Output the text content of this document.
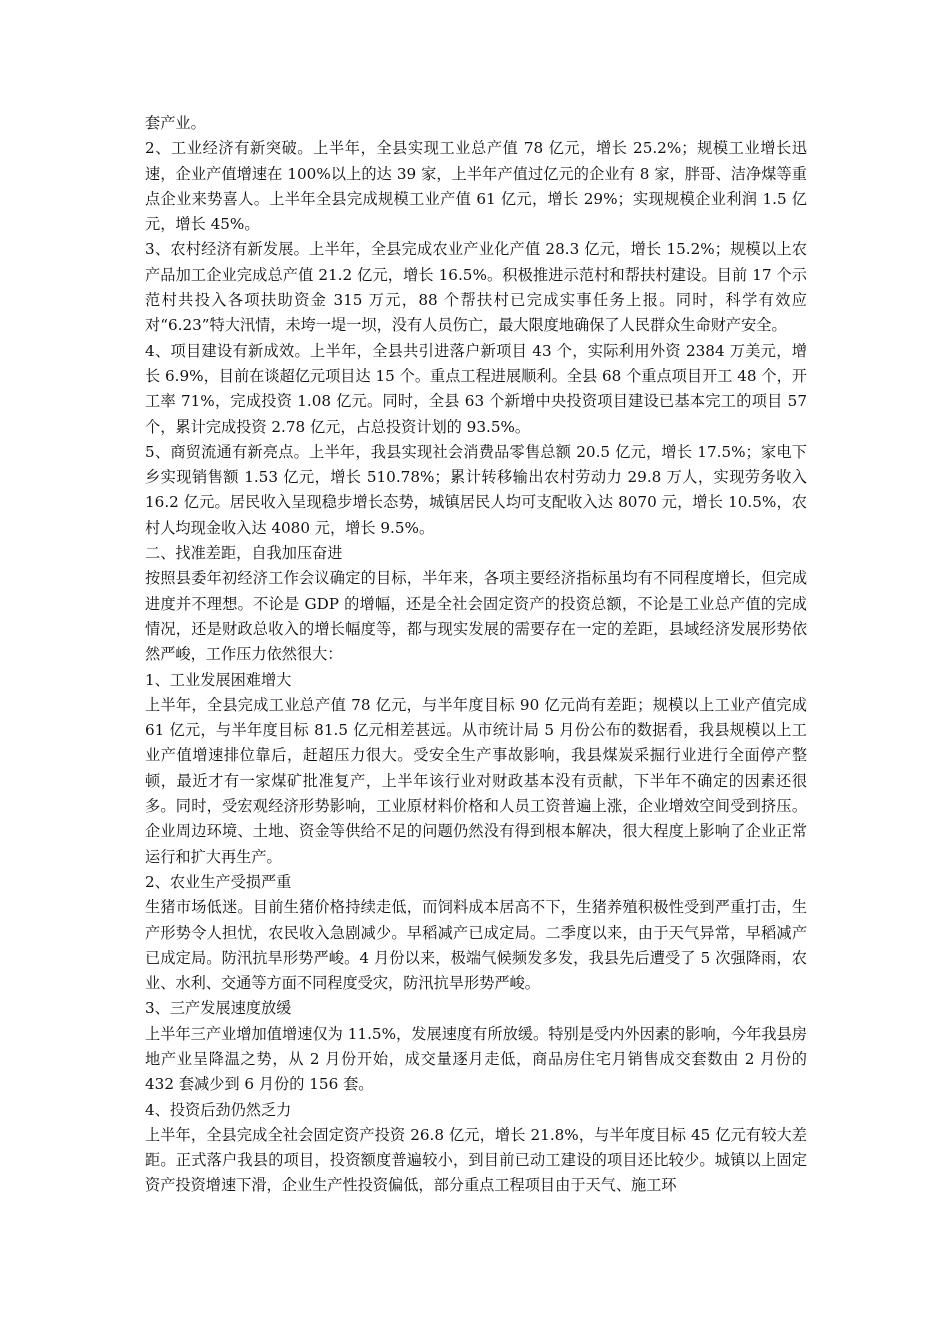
套产业。

2、工业经济有新突破。上半年，全县实现工业总产值 78 亿元，增长 25.2%；规模工业增长迅速，企业产值增速在 100%以上的达 39 家，上半年产值过亿元的企业有 8 家，胖哥、洁净煤等重点企业来势喜人。上半年全县完成规模工业产值 61 亿元，增长 29%；实现规模企业利润 1.5 亿元，增长 45%。

3、农村经济有新发展。上半年，全县完成农业产业化产值 28.3 亿元，增长 15.2%；规模以上农产品加工企业完成总产值 21.2 亿元，增长 16.5%。积极推进示范村和帮扶村建设。目前 17 个示范村共投入各项扶助资金 315 万元，88 个帮扶村已完成实事任务上报。同时，科学有效应对“6.23”特大汛情，未垮一堤一坝，没有人员伤亡，最大限度地确保了人民群众生命财产安全。

4、项目建设有新成效。上半年，全县共引进落户新项目 43 个，实际利用外资 2384 万美元，增长 6.9%，目前在谈超亿元项目达 15 个。重点工程进展顺利。全县 68 个重点项目开工 48 个，开工率 71%，完成投资 1.08 亿元。同时，全县 63 个新增中央投资项目建设已基本完工的项目 57 个，累计完成投资 2.78 亿元，占总投资计划的 93.5%。

5、商贸流通有新亮点。上半年，我县实现社会消费品零售总额 20.5 亿元，增长 17.5%；家电下乡实现销售额 1.53 亿元，增长 510.78%；累计转移输出农村劳动力 29.8 万人，实现劳务收入 16.2 亿元。居民收入呈现稳步增长态势，城镇居民人均可支配收入达 8070 元，增长 10.5%，农村人均现金收入达 4080 元，增长 9.5%。

二、找准差距，自我加压奋进

按照县委年初经济工作会议确定的目标，半年来，各项主要经济指标虽均有不同程度增长，但完成进度并不理想。不论是 GDP 的增幅，还是全社会固定资产的投资总额，不论是工业总产值的完成情况，还是财政总收入的增长幅度等，都与现实发展的需要存在一定的差距，县域经济发展形势依然严峻，工作压力依然很大：

1、工业发展困难增大

上半年，全县完成工业总产值 78 亿元，与半年度目标 90 亿元尚有差距；规模以上工业产值完成 61 亿元，与半年度目标 81.5 亿元相差甚远。从市统计局 5 月份公布的数据看，我县规模以上工业产值增速排位靠后，赶超压力很大。受安全生产事故影响，我县煤炭采掘行业进行全面停产整顿，最近才有一家煤矿批准复产，上半年该行业对财政基本没有贡献，下半年不确定的因素还很多。同时，受宏观经济形势影响，工业原材料价格和人员工资普遍上涨，企业增效空间受到挤压。企业周边环境、土地、资金等供给不足的问题仍然没有得到根本解决，很大程度上影响了企业正常运行和扩大再生产。

2、农业生产受损严重

生猪市场低迷。目前生猪价格持续走低，而饲料成本居高不下，生猪养殖积极性受到严重打击，生产形势令人担忧，农民收入急剧减少。早稻减产已成定局。二季度以来，由于天气异常，早稻减产已成定局。防汛抗旱形势严峻。4 月份以来，极端气候频发多发，我县先后遭受了 5 次强降雨，农业、水利、交通等方面不同程度受灾，防汛抗旱形势严峻。

3、三产发展速度放缓

上半年三产业增加值增速仅为 11.5%，发展速度有所放缓。特别是受内外因素的影响，今年我县房地产业呈降温之势，从 2 月份开始，成交量逐月走低，商品房住宅月销售成交套数由 2 月份的 432 套减少到 6 月份的 156 套。

4、投资后劲仍然乏力

上半年，全县完成全社会固定资产投资 26.8 亿元，增长 21.8%，与半年度目标 45 亿元有较大差距。正式落户我县的项目，投资额度普遍较小，到目前已动工建设的项目还比较少。城镇以上固定资产投资增速下滑，企业生产性投资偏低，部分重点工程项目由于天气、施工环
